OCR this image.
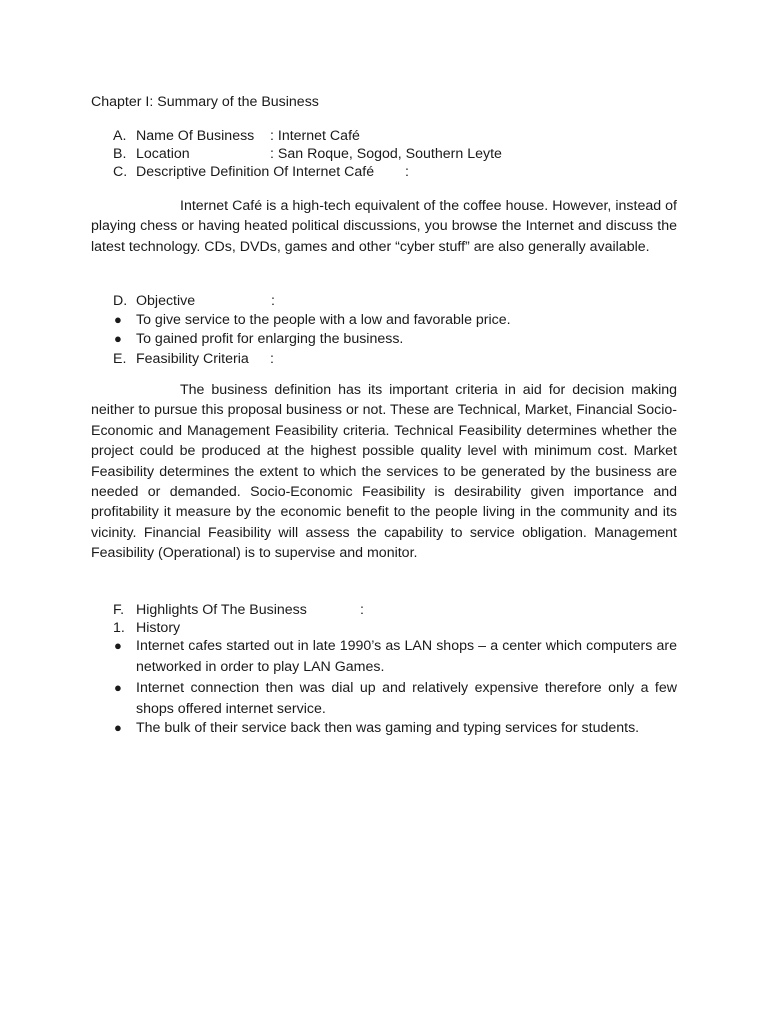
Chapter I: Summary of the Business
A. Name Of Business : Internet Café
B. Location	: San Roque, Sogod, Southern Leyte
C. Descriptive Definition Of Internet Café :

Internet Café is a high-tech equivalent of the coffee house. However, instead of playing chess or having heated political discussions, you browse the Internet and discuss the latest technology. CDs, DVDs, games and other “cyber stuff” are also generally available.

D. Objective	:
● To give service to the people with a low and favorable price.
● To gained profit for enlarging the business.
E. Feasibility Criteria :

The business definition has its important criteria in aid for decision making neither to pursue this proposal business or not. These are Technical, Market, Financial Socio-Economic and Management Feasibility criteria. Technical Feasibility determines whether the project could be produced at the highest possible quality level with minimum cost. Market Feasibility determines the extent to which the services to be generated by the business are needed or demanded. Socio-Economic Feasibility is desirability given importance and profitability it measure by the economic benefit to the people living in the community and its vicinity. Financial Feasibility will assess the capability to service obligation. Management Feasibility (Operational) is to supervise and monitor.

F. Highlights Of The Business	:
1. History
● Internet cafes started out in late 1990’s as LAN shops – a center which computers are networked in order to play LAN Games.

● Internet connection then was dial up and relatively expensive therefore only a few shops offered internet service.

● The bulk of their service back then was gaming and typing services for students.
